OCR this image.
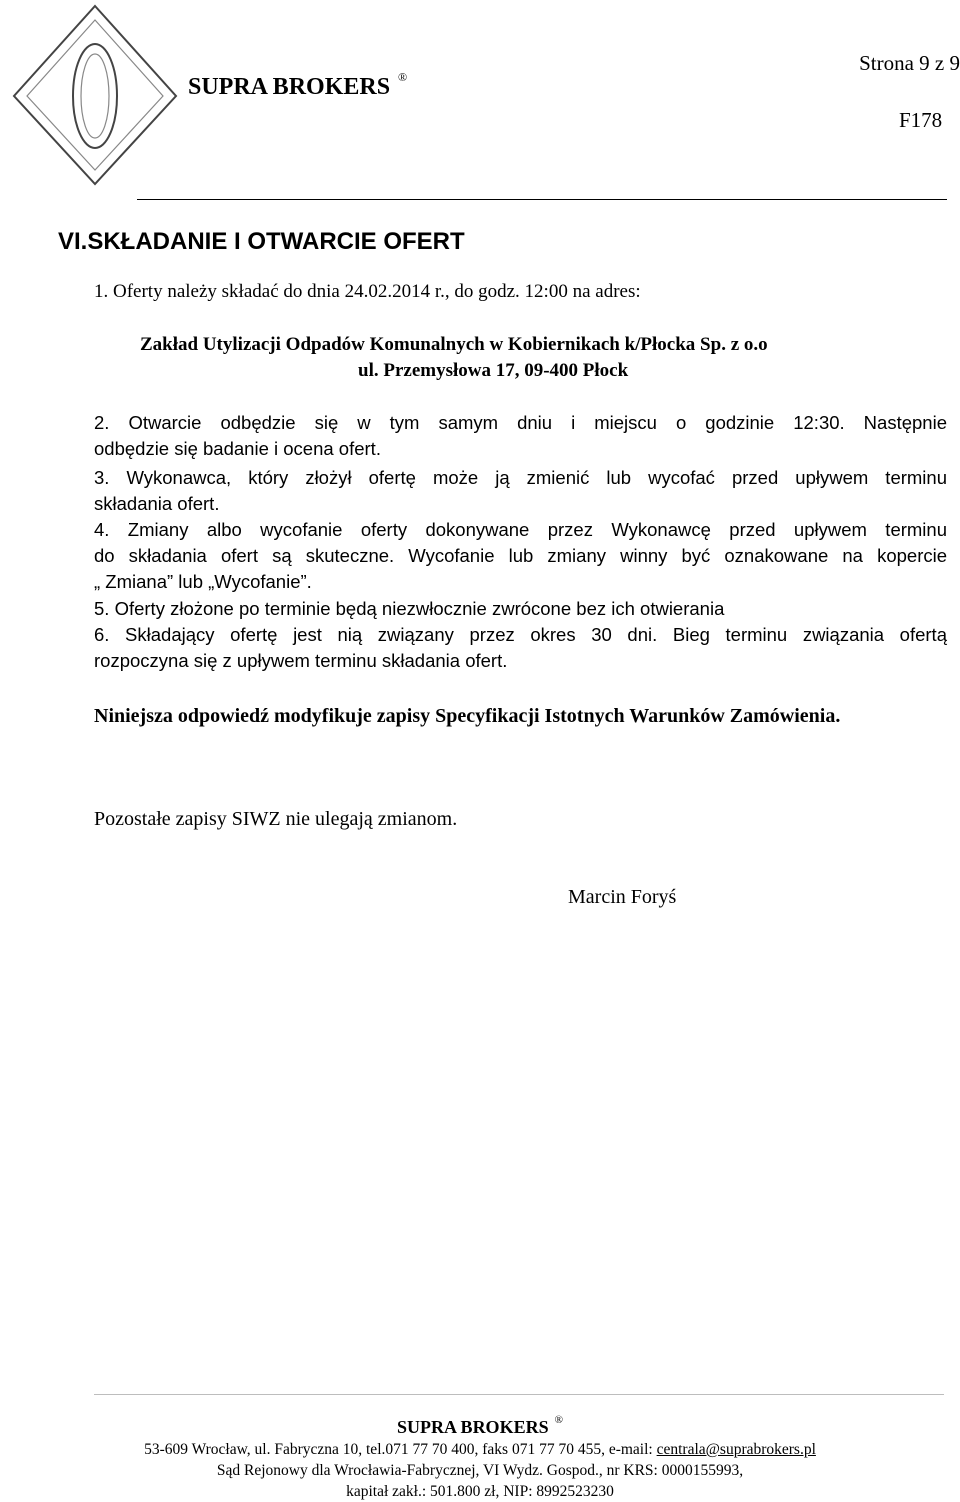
SUPRA BROKERS ®
Strona 9 z 9
F178
VI.SKŁADANIE I OTWARCIE OFERT
1. Oferty należy składać do dnia 24.02.2014 r., do godz. 12:00 na adres:
Zakład Utylizacji Odpadów Komunalnych w Kobiernikach k/Płocka Sp. z o.o
ul. Przemysłowa 17, 09-400 Płock
2. Otwarcie odbędzie się w tym samym dniu i miejscu o godzinie 12:30. Następnie
odbędzie się badanie i ocena ofert.
3. Wykonawca, który złożył ofertę może ją zmienić lub wycofać przed upływem terminu
składania ofert.
4. Zmiany albo wycofanie oferty dokonywane przez Wykonawcę przed upływem terminu
do składania ofert są skuteczne. Wycofanie lub zmiany winny być oznakowane na kopercie
„ Zmiana” lub „Wycofanie”.
5. Oferty złożone po terminie będą niezwłocznie zwrócone bez ich otwierania
6. Składający ofertę jest nią związany przez okres 30 dni. Bieg terminu związania ofertą
rozpoczyna się z upływem terminu składania ofert.
Niniejsza odpowiedź modyfikuje zapisy Specyfikacji Istotnych Warunków Zamówienia.
Pozostałe zapisy SIWZ nie ulegają zmianom.
Marcin Foryś
SUPRA BROKERS ®
53-609 Wrocław, ul. Fabryczna 10, tel.071 77 70 400, faks 071 77 70 455, e-mail: centrala@suprabrokers.pl
Sąd Rejonowy dla Wrocławia-Fabrycznej, VI Wydz. Gospod., nr KRS: 0000155993,
kapitał zakł.: 501.800 zł, NIP: 8992523230
